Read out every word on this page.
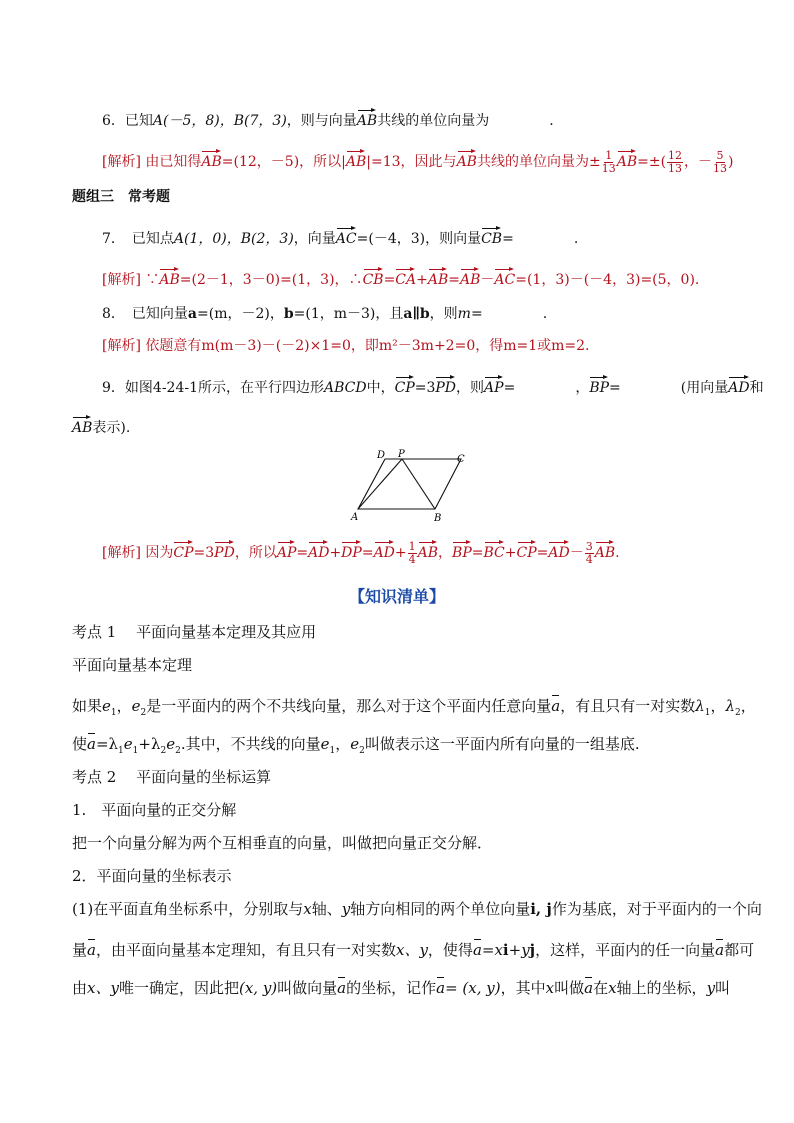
6．已知A(－5，8)，B(7，3)，则与向量AB共线的单位向量为	.
[解析] 由已知得AB=(12，－5)，所以|AB|=13，因此与AB共线的单位向量为± $\frac{1}{13} AB=\pm( \frac{12}{13}$ ，－ $\frac{5}{13}$ )
题组三　常考题
7．　已知点A(1，0)，B(2，3)，向量AC=(－4，3)，则向量CB=	.
[解析] ∵AB=(2－1，3－0)=(1，3)，∴CB=CA+AB=AB－AC=(1，3)－(－4，3)=(5，0).
8．　已知向量a=(m，－2)，b=(1，m－3)，且a∥b，则m=	.
[解析] 依题意有m(m－3)－(－2)×1=0，即m²－3m+2=0，得m=1或m=2.
9．如图4-24-1所示，在平行四边形ABCD中，CP=3PD，则AP=	，BP=	(用向量AD和
AB表示).
D P	C
A	B
[解析] 因为CP=3PD，所以$AP=AD+DP=AD+ \frac{1}{4}$ AB，$BP=BC+CP=AD- \frac{3}{4}$ AB.
【知识清单】
考点 1　 平面向量基本定理及其应用
平面向量基本定理
如果$e_1$，$e_2$是一平面内的两个不共线向量，那么对于这个平面内任意向量a，有且只有一对实数$\lambda_1$，$\lambda_2$，
使$a=\lambda_1e_1+\lambda_2e_2$.其中，不共线的向量$e_1$，$e_2$叫做表示这一平面内所有向量的一组基底.
考点 2　 平面向量的坐标运算
1.　平面向量的正交分解
把一个向量分解为两个互相垂直的向量，叫做把向量正交分解．
2．平面向量的坐标表示
(1)在平面直角坐标系中，分别取与x轴、y轴方向相同的两个单位向量i, j作为基底，对于平面内的一个向
量a，由平面向量基本定理知，有且只有一对实数x、y，使得a=xi+yj，这样，平面内的任一向量a都可
由x、y唯一确定，因此把(x, y)叫做向量a的坐标，记作a= (x, y)，其中x叫做a在x轴上的坐标，y叫
